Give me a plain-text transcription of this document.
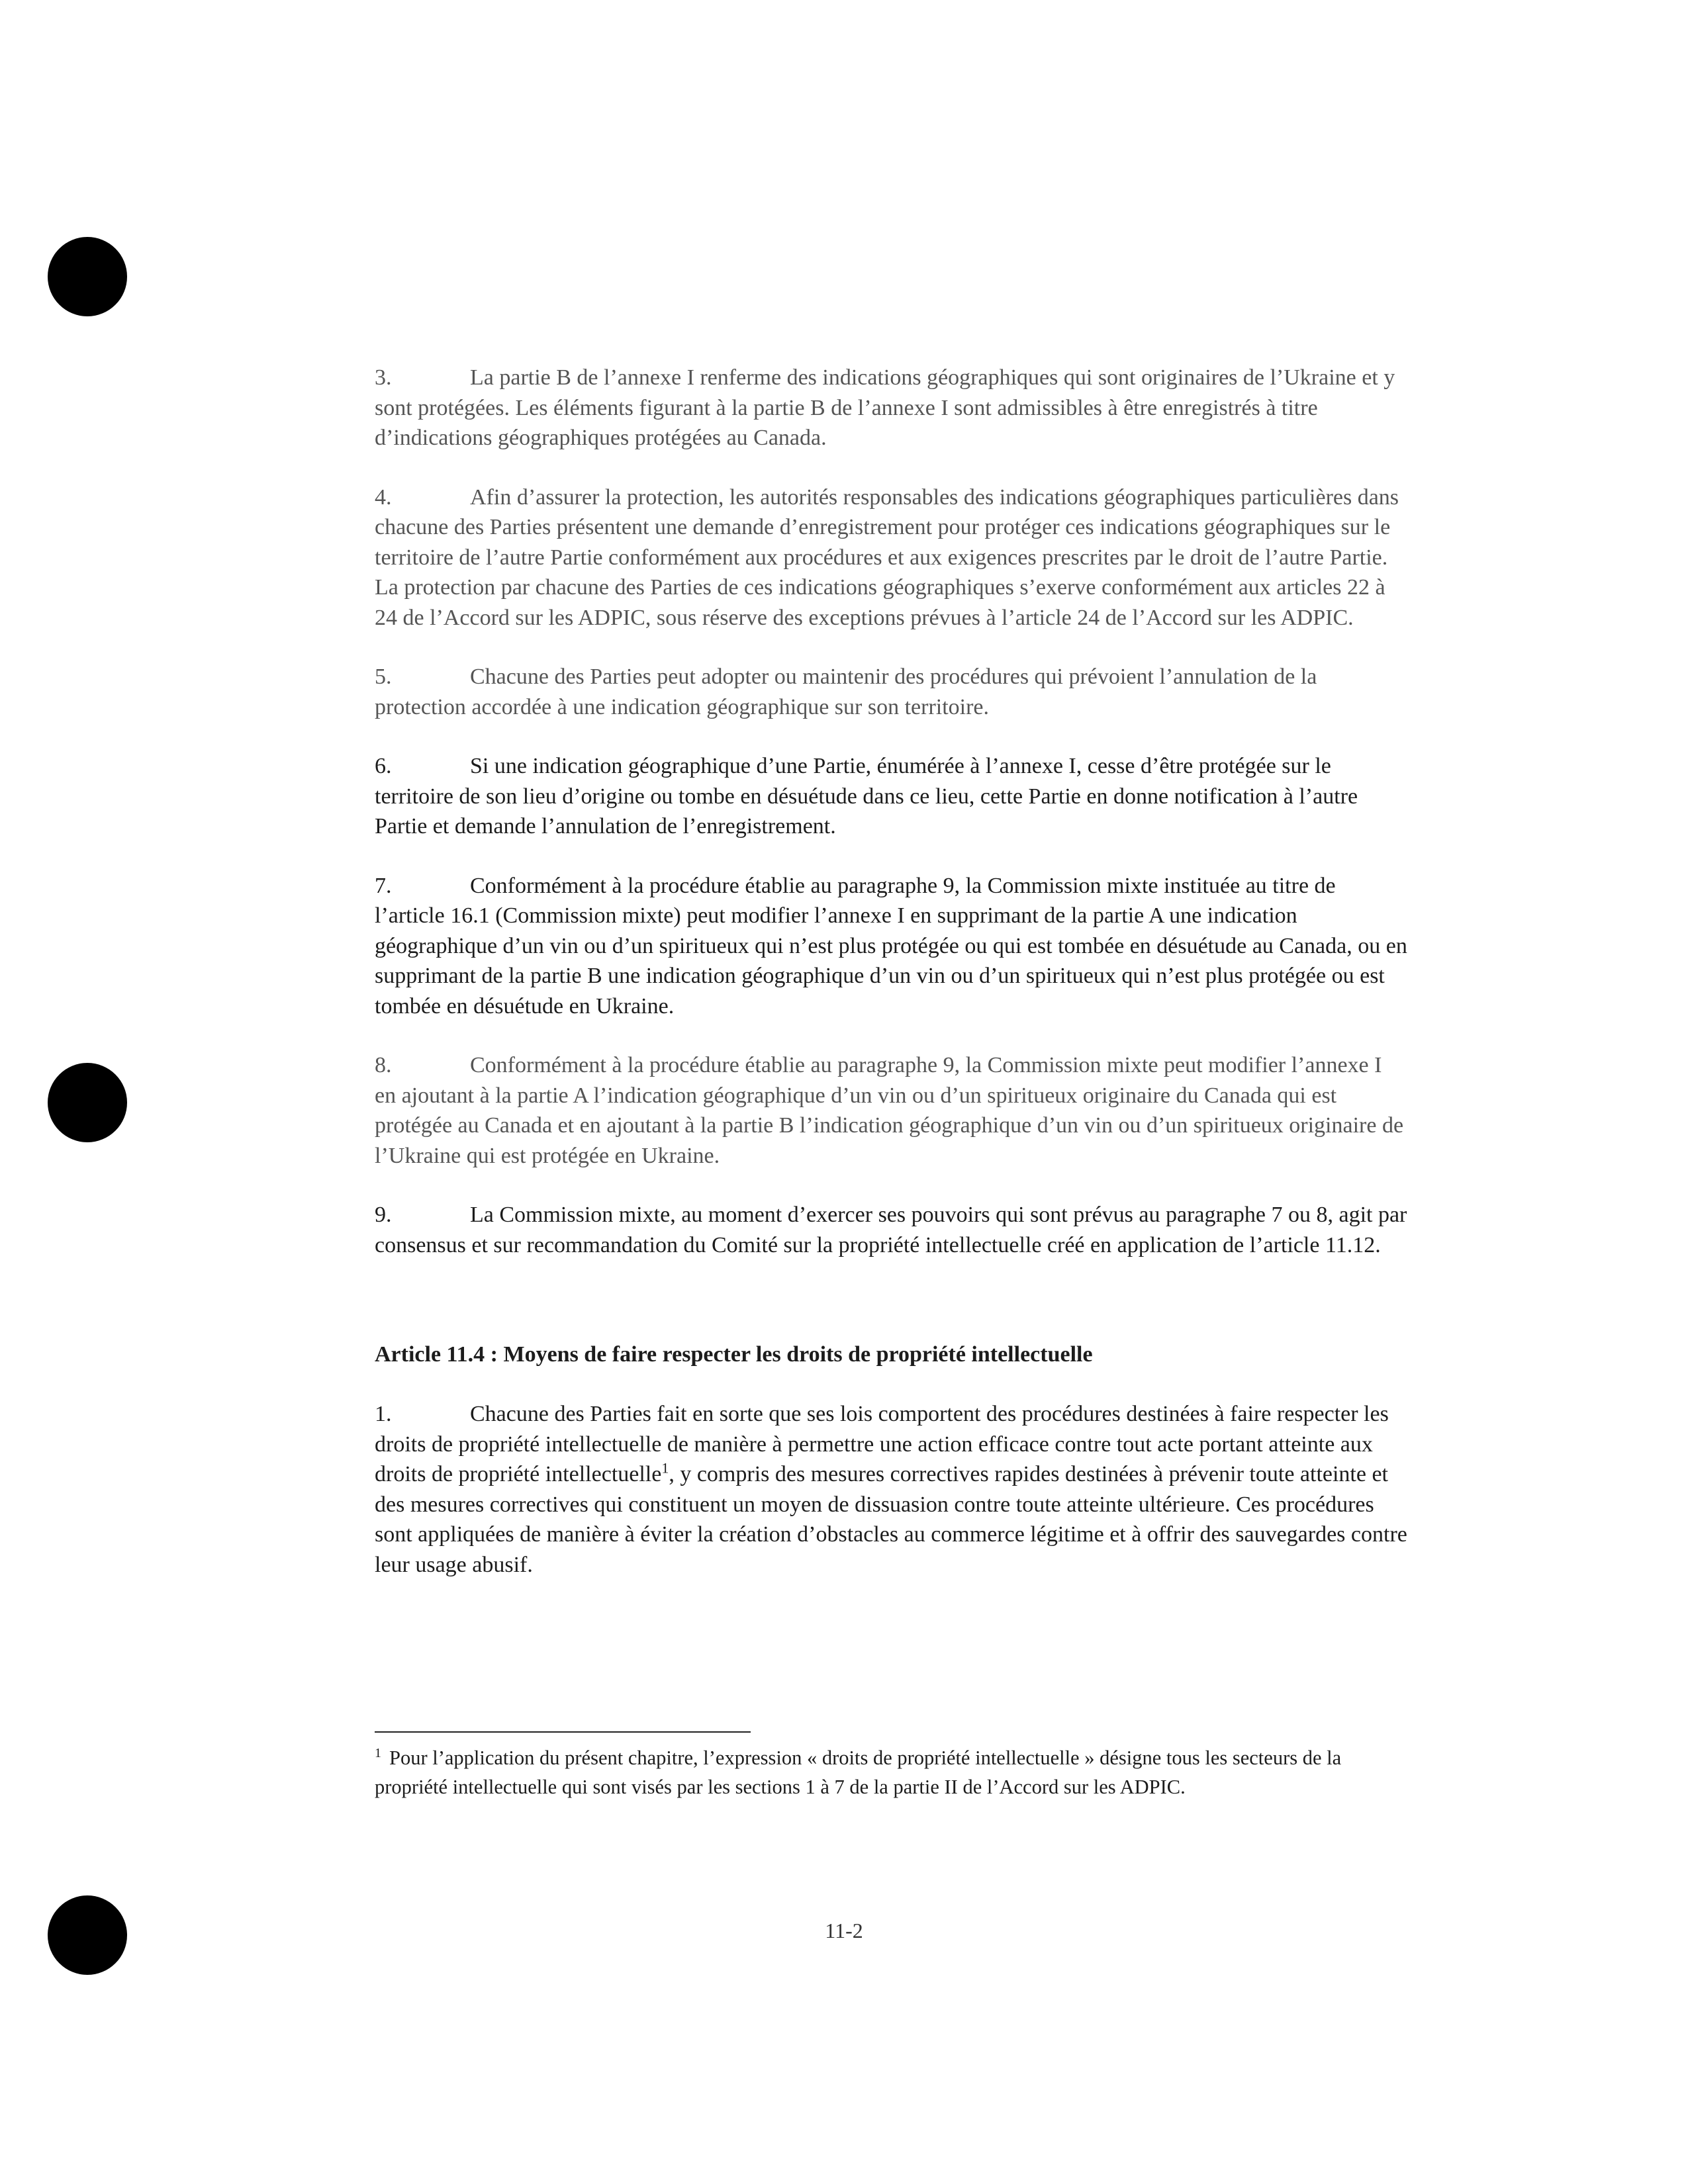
3.	La partie B de l’annexe I renferme des indications géographiques qui sont originaires de l’Ukraine et y sont protégées. Les éléments figurant à la partie B de l’annexe I sont admissibles à être enregistrés à titre d’indications géographiques protégées au Canada.

4.	Afin d’assurer la protection, les autorités responsables des indications géographiques particulières dans chacune des Parties présentent une demande d’enregistrement pour protéger ces indications géographiques sur le territoire de l’autre Partie conformément aux procédures et aux exigences prescrites par le droit de l’autre Partie. La protection par chacune des Parties de ces indications géographiques s’exerve conformément aux articles 22 à 24 de l’Accord sur les ADPIC, sous réserve des exceptions prévues à l’article 24 de l’Accord sur les ADPIC.

5.	Chacune des Parties peut adopter ou maintenir des procédures qui prévoient l’annulation de la protection accordée à une indication géographique sur son territoire.

6.	Si une indication géographique d’une Partie, énumérée à l’annexe I, cesse d’être protégée sur le territoire de son lieu d’origine ou tombe en désuétude dans ce lieu, cette Partie en donne notification à l’autre Partie et demande l’annulation de l’enregistrement.

7.	Conformément à la procédure établie au paragraphe 9, la Commission mixte instituée au titre de l’article 16.1 (Commission mixte) peut modifier l’annexe I en supprimant de la partie A une indication géographique d’un vin ou d’un spiritueux qui n’est plus protégée ou qui est tombée en désuétude au Canada, ou en supprimant de la partie B une indication géographique d’un vin ou d’un spiritueux qui n’est plus protégée ou est tombée en désuétude en Ukraine.

8.	Conformément à la procédure établie au paragraphe 9, la Commission mixte peut modifier l’annexe I en ajoutant à la partie A l’indication géographique d’un vin ou d’un spiritueux originaire du Canada qui est protégée au Canada et en ajoutant à la partie B l’indication géographique d’un vin ou d’un spiritueux originaire de l’Ukraine qui est protégée en Ukraine.

9.	La Commission mixte, au moment d’exercer ses pouvoirs qui sont prévus au paragraphe 7 ou 8, agit par consensus et sur recommandation du Comité sur la propriété intellectuelle créé en application de l’article 11.12.

Article 11.4 : Moyens de faire respecter les droits de propriété intellectuelle

1.	Chacune des Parties fait en sorte que ses lois comportent des procédures destinées à faire respecter les droits de propriété intellectuelle de manière à permettre une action efficace contre tout acte portant atteinte aux droits de propriété intellectuelle$^1$, y compris des mesures correctives rapides destinées à prévenir toute atteinte et des mesures correctives qui constituent un moyen de dissuasion contre toute atteinte ultérieure. Ces procédures sont appliquées de manière à éviter la création d’obstacles au commerce légitime et à offrir des sauvegardes contre leur usage abusif.

$^1$ Pour l’application du présent chapitre, l’expression « droits de propriété intellectuelle » désigne tous les secteurs de la propriété intellectuelle qui sont visés par les sections 1 à 7 de la partie II de l’Accord sur les ADPIC.
11-2
